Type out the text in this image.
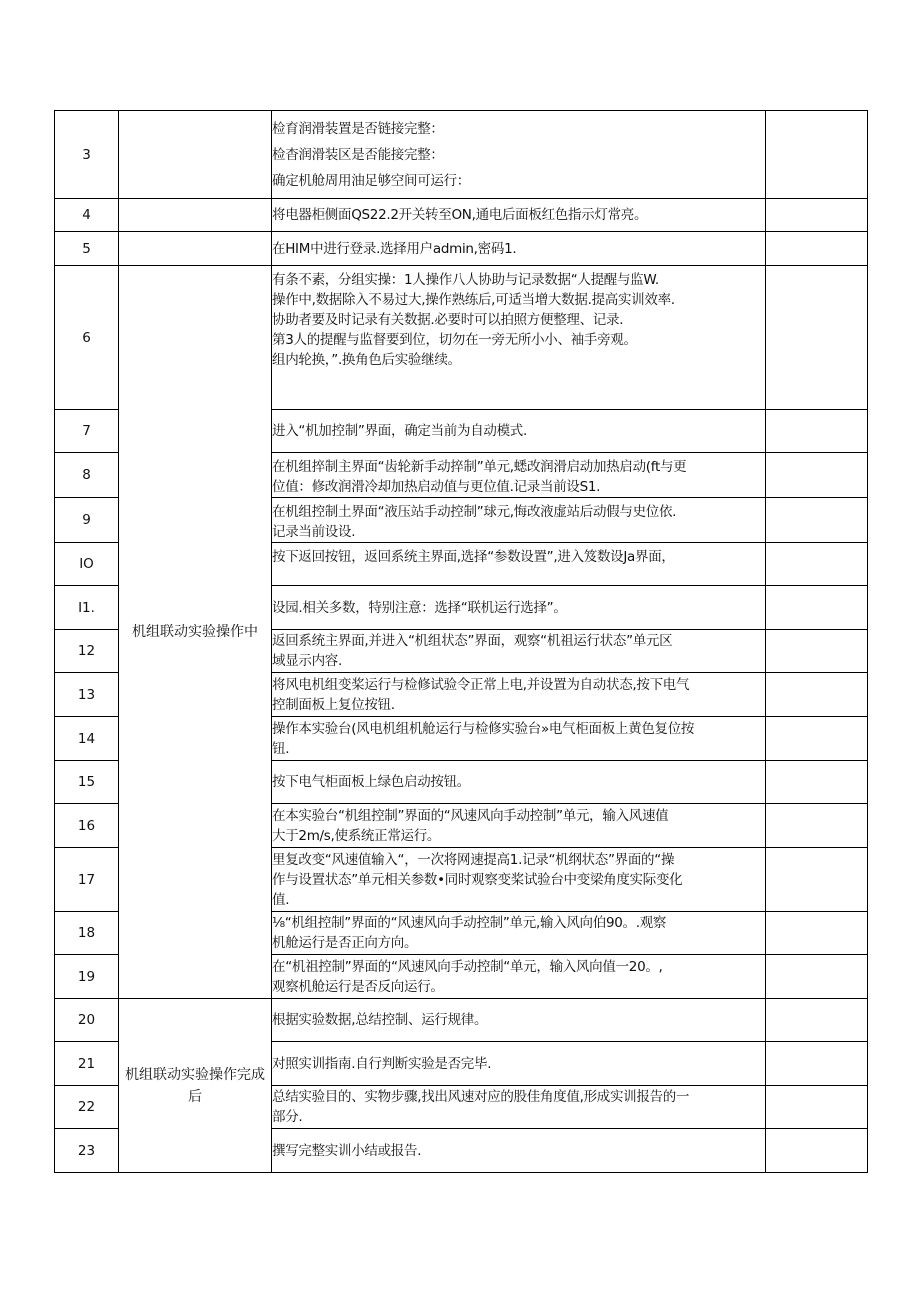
3		检育润滑装置是否链接完整：
检杳润滑装区是否能接完整：
确定机舱周用油足够空间可运行：	

4		将电器柜侧面QS22.2开关转至ON,通电后面板红色指示灯常亮。	

5		在HIM中进行登录.选择用户admin,密码1.	

6	机组联动实验操作中	有条不素，分组实操：1人操作八人协助与记录数据“人提醒与监W.
操作中,数据除入不易过大,操作熟练后,可适当增大数据.提高实训效率.
协助者要及时记录有关数据.必要时可以拍照方便整理、记录.
第3人的提醒与监督要到位，切勿在一旁无所小小、袖手旁观。
组内轮换，”.换角色后实验继续。	

7		进入“机加控制”界面，确定当前为自动模式.	

8		在机组捽制主界面“齿轮新手动捽制”单元,蟋改润滑启动加热启动(ft与更
位值：修改润滑冷却加热启动值与更位值.记录当前设S1.	

9		在机组控制土界面“液压站手动控制”球元,悔改液虚站后动假与史位依.
记录当前设设.	

IO		按下返回按钮，返回系统主界面,选择“参数设置”,进入笈数设Ja界面，	

I1.		设园.相关多数，特别注意：选择“联机运行选择”。	

12		返回系统主界面,并进入“机组状态”界面，观察“机祖运行状态”单元区
域显示内容.	

13		将风电机组变桨运行与检修试验令正常上电,并设置为自动状态,按下电气
控制面板上复位按钮.	

14		操作本实验台(风电机组机舱运行与检修实验台»电气柜面板上黄色复位按
钮.	

15		按下电气柜面板上绿色启动按钮。	

16		在本实验台“机组控制”界面的“风速风向手动控制”单元，输入风速值
大于2m∕s,使系统正常运行。	

17		里复改变“风速值输入“，一次将网速提高1.记录“机纲状态”界面的“操
作与设置状态”单元相关参数•同时观察变桨试验台中变梁角度实际变化
值.	

18		⅛“机组控制”界面的“风速风向手动控制”单元,输入风向伯90。.观察
机舱运行是否正向方向。	

19		在“机祖控制”界面的“风速风向手动控制“单元，输入风向值一20。,
观察机舱运行是否反向运行。	

20	机组联动实验操作完成后	根据实验数据,总结控制、运行规律。	

21		对照实训指南.自行判断实验是否完毕.	

22		总结实验目的、实物步骤,找出风速对应的股佳角度值,形成实训报告的一
部分.	

23		撰写完整实训小结或报告.	
